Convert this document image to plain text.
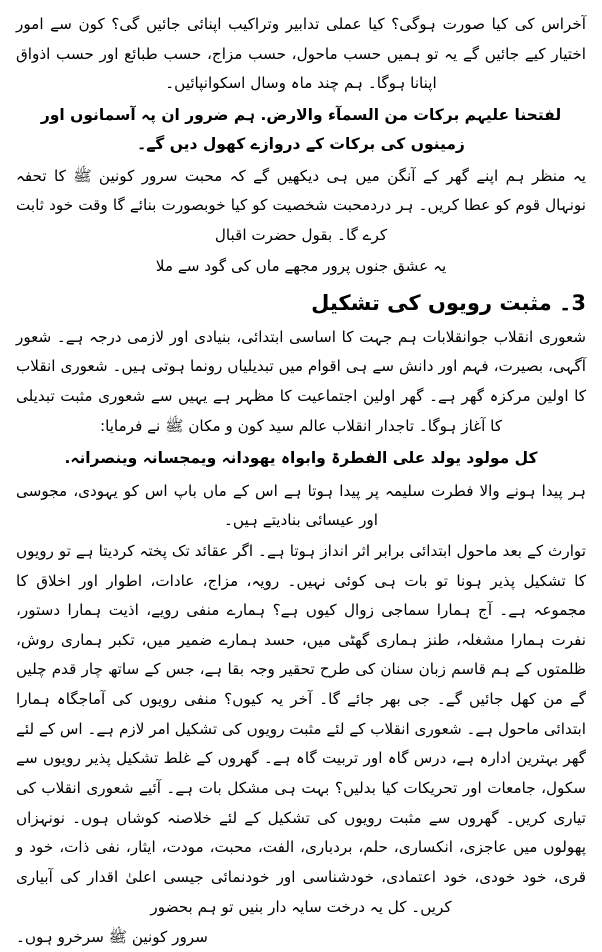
آخراس کی کیا صورت ہوگی؟ کیا عملی تدابیر وتراکیب اپنائی جائیں گی؟ کون سے امور اختیار کیے جائیں گے یہ تو ہمیں حسب ماحول، حسب مزاج، حسب طبائع اور حسب اذواق اپنانا ہوگا۔ ہم چند ماہ وسال اسکوانپائیں۔

لفتحنا علیہم برکات من السمآء والارض. ہم ضرور ان پہ آسمانوں اور زمینوں کی برکات کے دروازے کھول دیں گے۔

یہ منظر ہم اپنے گھر کے آنگن میں ہی دیکھیں گے کہ محبت سرور کونین ﷺ کا تحفہ نونہال قوم کو عطا کریں۔ ہر دردمحبت شخصیت کو کیا خوبصورت بنائے گا وقت خود ثابت کرے گا۔ بقول حضرت اقبال

یہ عشق جنوں پرور مجھے ماں کی گود سے ملا

3۔ مثبت رویوں کی تشکیل

شعوری انقلاب جوانقلابات ہم جہت کا اساسی ابتدائی، بنیادی اور لازمی درجہ ہے۔ شعور آگہی، بصیرت، فہم اور دانش سے ہی اقوام میں تبدیلیاں رونما ہوتی ہیں۔ شعوری انقلاب کا اولین مرکزہ گھر ہے۔ گھر اولین اجتماعیت کا مظہر ہے یہیں سے شعوری مثبت تبدیلی کا آغاز ہوگا۔ تاجدار انقلاب عالم سید کون و مکان ﷺ نے فرمایا:

کل مولود یولد علی الفطرۃ وابواہ یھودانہ ویمجسانہ وینصرانہ.

ہر پیدا ہونے والا فطرت سلیمہ پر پیدا ہوتا ہے اس کے ماں باپ اس کو یہودی، مجوسی اور عیسائی بنادیتے ہیں۔

توارث کے بعد ماحول ابتدائی برابر اثر انداز ہوتا ہے۔ اگر عقائد تک پختہ کردیتا ہے تو رویوں کا تشکیل پذیر ہونا تو بات ہی کوئی نہیں۔ رویہ، مزاج، عادات، اطوار اور اخلاق کا مجموعہ ہے۔ آج ہمارا سماجی زوال کیوں ہے؟ ہمارے منفی رویے، اذیت ہمارا دستور، نفرت ہمارا مشغلہ، طنز ہماری گھٹی میں، حسد ہمارے ضمیر میں، تکبر ہماری روش، ظلمتوں کے ہم قاسم زبان سنان کی طرح تحقیر وجہ بقا ہے، جس کے ساتھ چار قدم چلیں گے من کھل جائیں گے۔ جی بھر جائے گا۔ آخر یہ کیوں؟ منفی رویوں کی آماجگاہ ہمارا ابتدائی ماحول ہے۔ شعوری انقلاب کے لئے مثبت رویوں کی تشکیل امر لازم ہے۔ اس کے لئے گھر بہترین ادارہ ہے، درس گاہ اور تربیت گاہ ہے۔ گھروں کے غلط تشکیل پذیر رویوں سے سکول، جامعات اور تحریکات کیا بدلیں؟ بہت ہی مشکل بات ہے۔ آئیے شعوری انقلاب کی تیاری کریں۔ گھروں سے مثبت رویوں کی تشکیل کے لئے خلاصنہ کوشاں ہوں۔ نونہزاں پھولوں میں عاجزی، انکساری، حلم، بردباری، الفت، محبت، مودت، ایثار، نفی ذات، خود و قری، خود خودی، خود اعتمادی، خودشناسی اور خودنمائی جیسی اعلیٰ اقدار کی آبیاری کریں۔ کل یہ درخت سایہ دار بنیں تو ہم بحضور

سرور کونین ﷺ سرخرو ہوں۔
